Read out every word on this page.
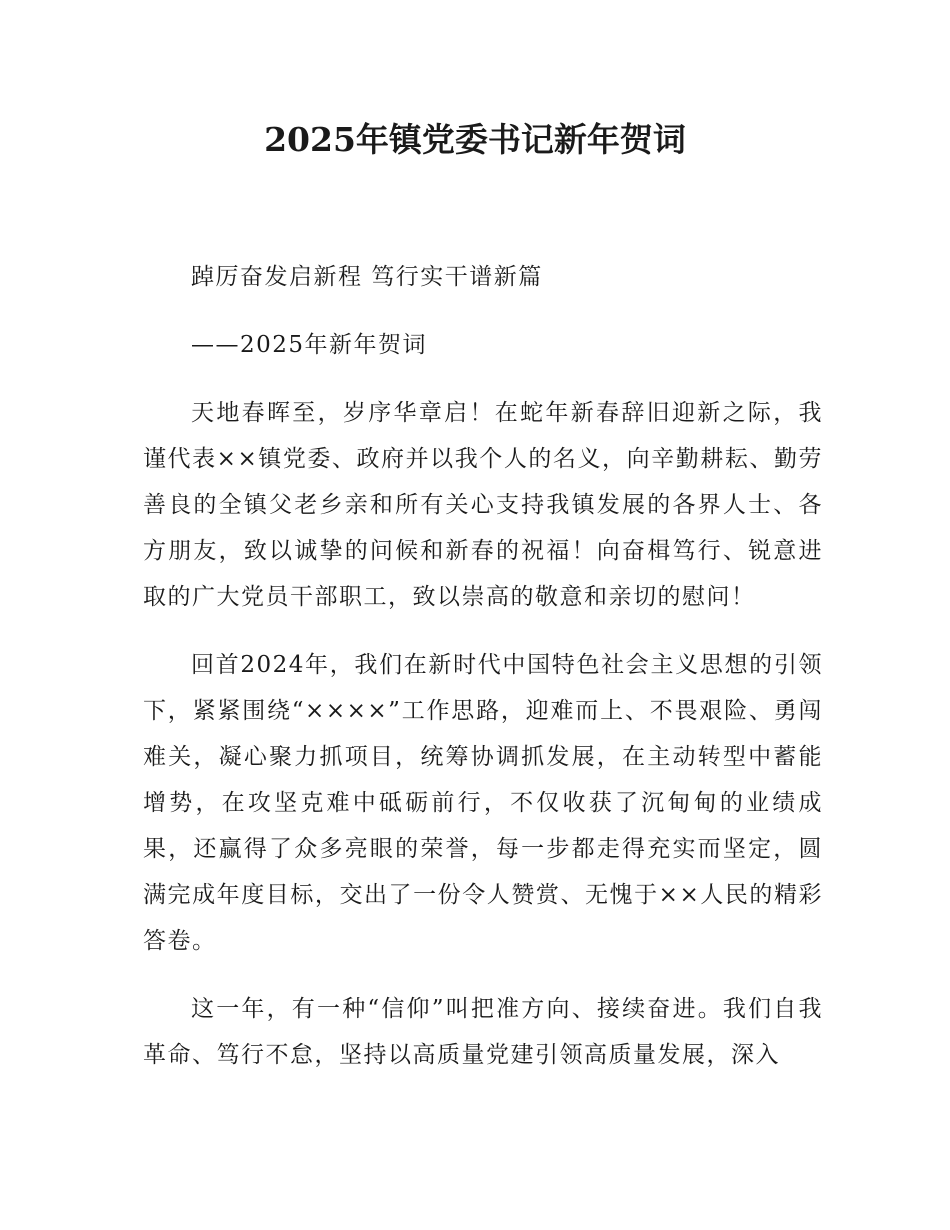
2025年镇党委书记新年贺词

踔厉奋发启新程 笃行实干谱新篇

——2025年新年贺词

天地春晖至，岁序华章启！在蛇年新春辞旧迎新之际，我谨代表××镇党委、政府并以我个人的名义，向辛勤耕耘、勤劳善良的全镇父老乡亲和所有关心支持我镇发展的各界人士、各方朋友，致以诚挚的问候和新春的祝福！向奋楫笃行、锐意进取的广大党员干部职工，致以崇高的敬意和亲切的慰问！

回首2024年，我们在新时代中国特色社会主义思想的引领下，紧紧围绕“××××”工作思路，迎难而上、不畏艰险、勇闯难关，凝心聚力抓项目，统筹协调抓发展，在主动转型中蓄能增势，在攻坚克难中砥砺前行，不仅收获了沉甸甸的业绩成果，还赢得了众多亮眼的荣誉，每一步都走得充实而坚定，圆满完成年度目标，交出了一份令人赞赏、无愧于××人民的精彩答卷。

这一年，有一种“信仰”叫把准方向、接续奋进。我们自我革命、笃行不怠，坚持以高质量党建引领高质量发展，深入
